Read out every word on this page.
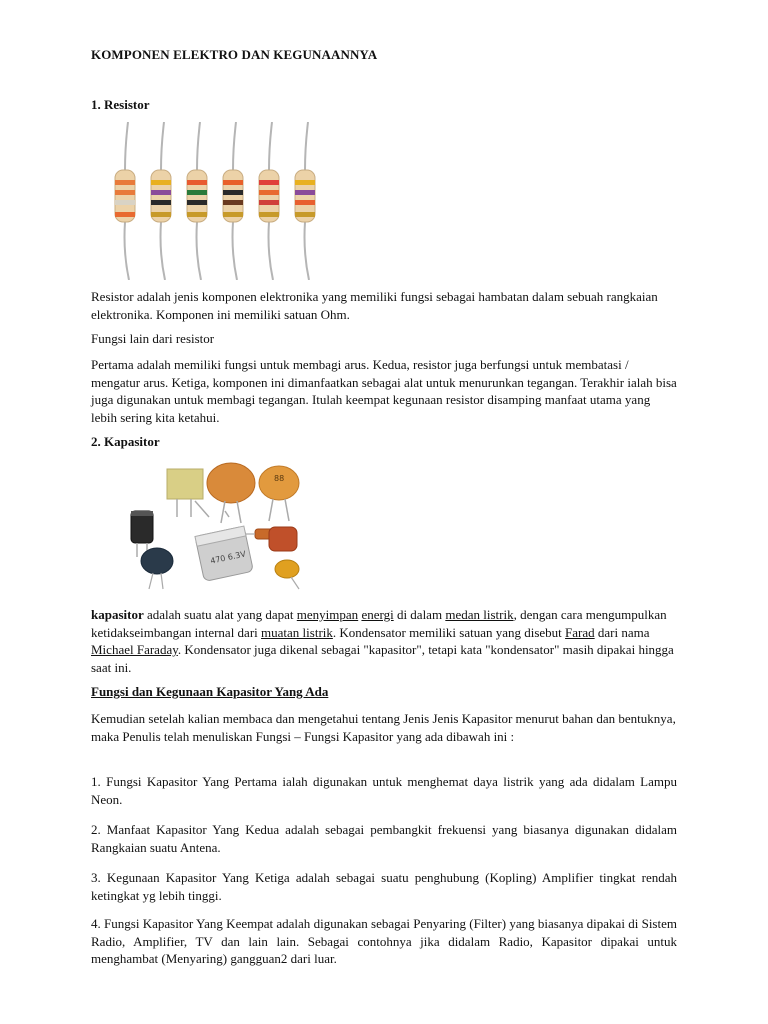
KOMPONEN ELEKTRO DAN KEGUNAANNYA
1. Resistor
Resistor adalah jenis komponen elektronika yang memiliki fungsi sebagai hambatan dalam sebuah rangkaian elektronika. Komponen ini memiliki satuan Ohm.
Fungsi lain dari resistor
Pertama adalah memiliki fungsi untuk membagi arus. Kedua, resistor juga berfungsi untuk membatasi / mengatur arus. Ketiga, komponen ini dimanfaatkan sebagai alat untuk menurunkan tegangan. Terakhir ialah bisa juga digunakan untuk membagi tegangan. Itulah keempat kegunaan resistor disamping manfaat utama yang lebih sering kita ketahui.
2. Kapasitor
88
470 6.3V
kapasitor adalah suatu alat yang dapat menyimpan energi di dalam medan listrik, dengan cara mengumpulkan ketidakseimbangan internal dari muatan listrik. Kondensator memiliki satuan yang disebut Farad dari nama Michael Faraday. Kondensator juga dikenal sebagai "kapasitor", tetapi kata "kondensator" masih dipakai hingga saat ini.
Fungsi dan Kegunaan Kapasitor Yang Ada
Kemudian setelah kalian membaca dan mengetahui tentang Jenis Jenis Kapasitor menurut bahan dan bentuknya, maka Penulis telah menuliskan Fungsi – Fungsi Kapasitor yang ada dibawah ini :
1. Fungsi Kapasitor Yang Pertama ialah digunakan untuk menghemat daya listrik yang ada didalam Lampu Neon.
2. Manfaat Kapasitor Yang Kedua adalah sebagai pembangkit frekuensi yang biasanya digunakan didalam Rangkaian suatu Antena.
3. Kegunaan Kapasitor Yang Ketiga adalah sebagai suatu penghubung (Kopling) Amplifier tingkat rendah ketingkat yg lebih tinggi.
4. Fungsi Kapasitor Yang Keempat adalah digunakan sebagai Penyaring (Filter) yang biasanya dipakai di Sistem Radio, Amplifier, TV dan lain lain. Sebagai contohnya jika didalam Radio, Kapasitor dipakai untuk menghambat (Menyaring) gangguan2 dari luar.
